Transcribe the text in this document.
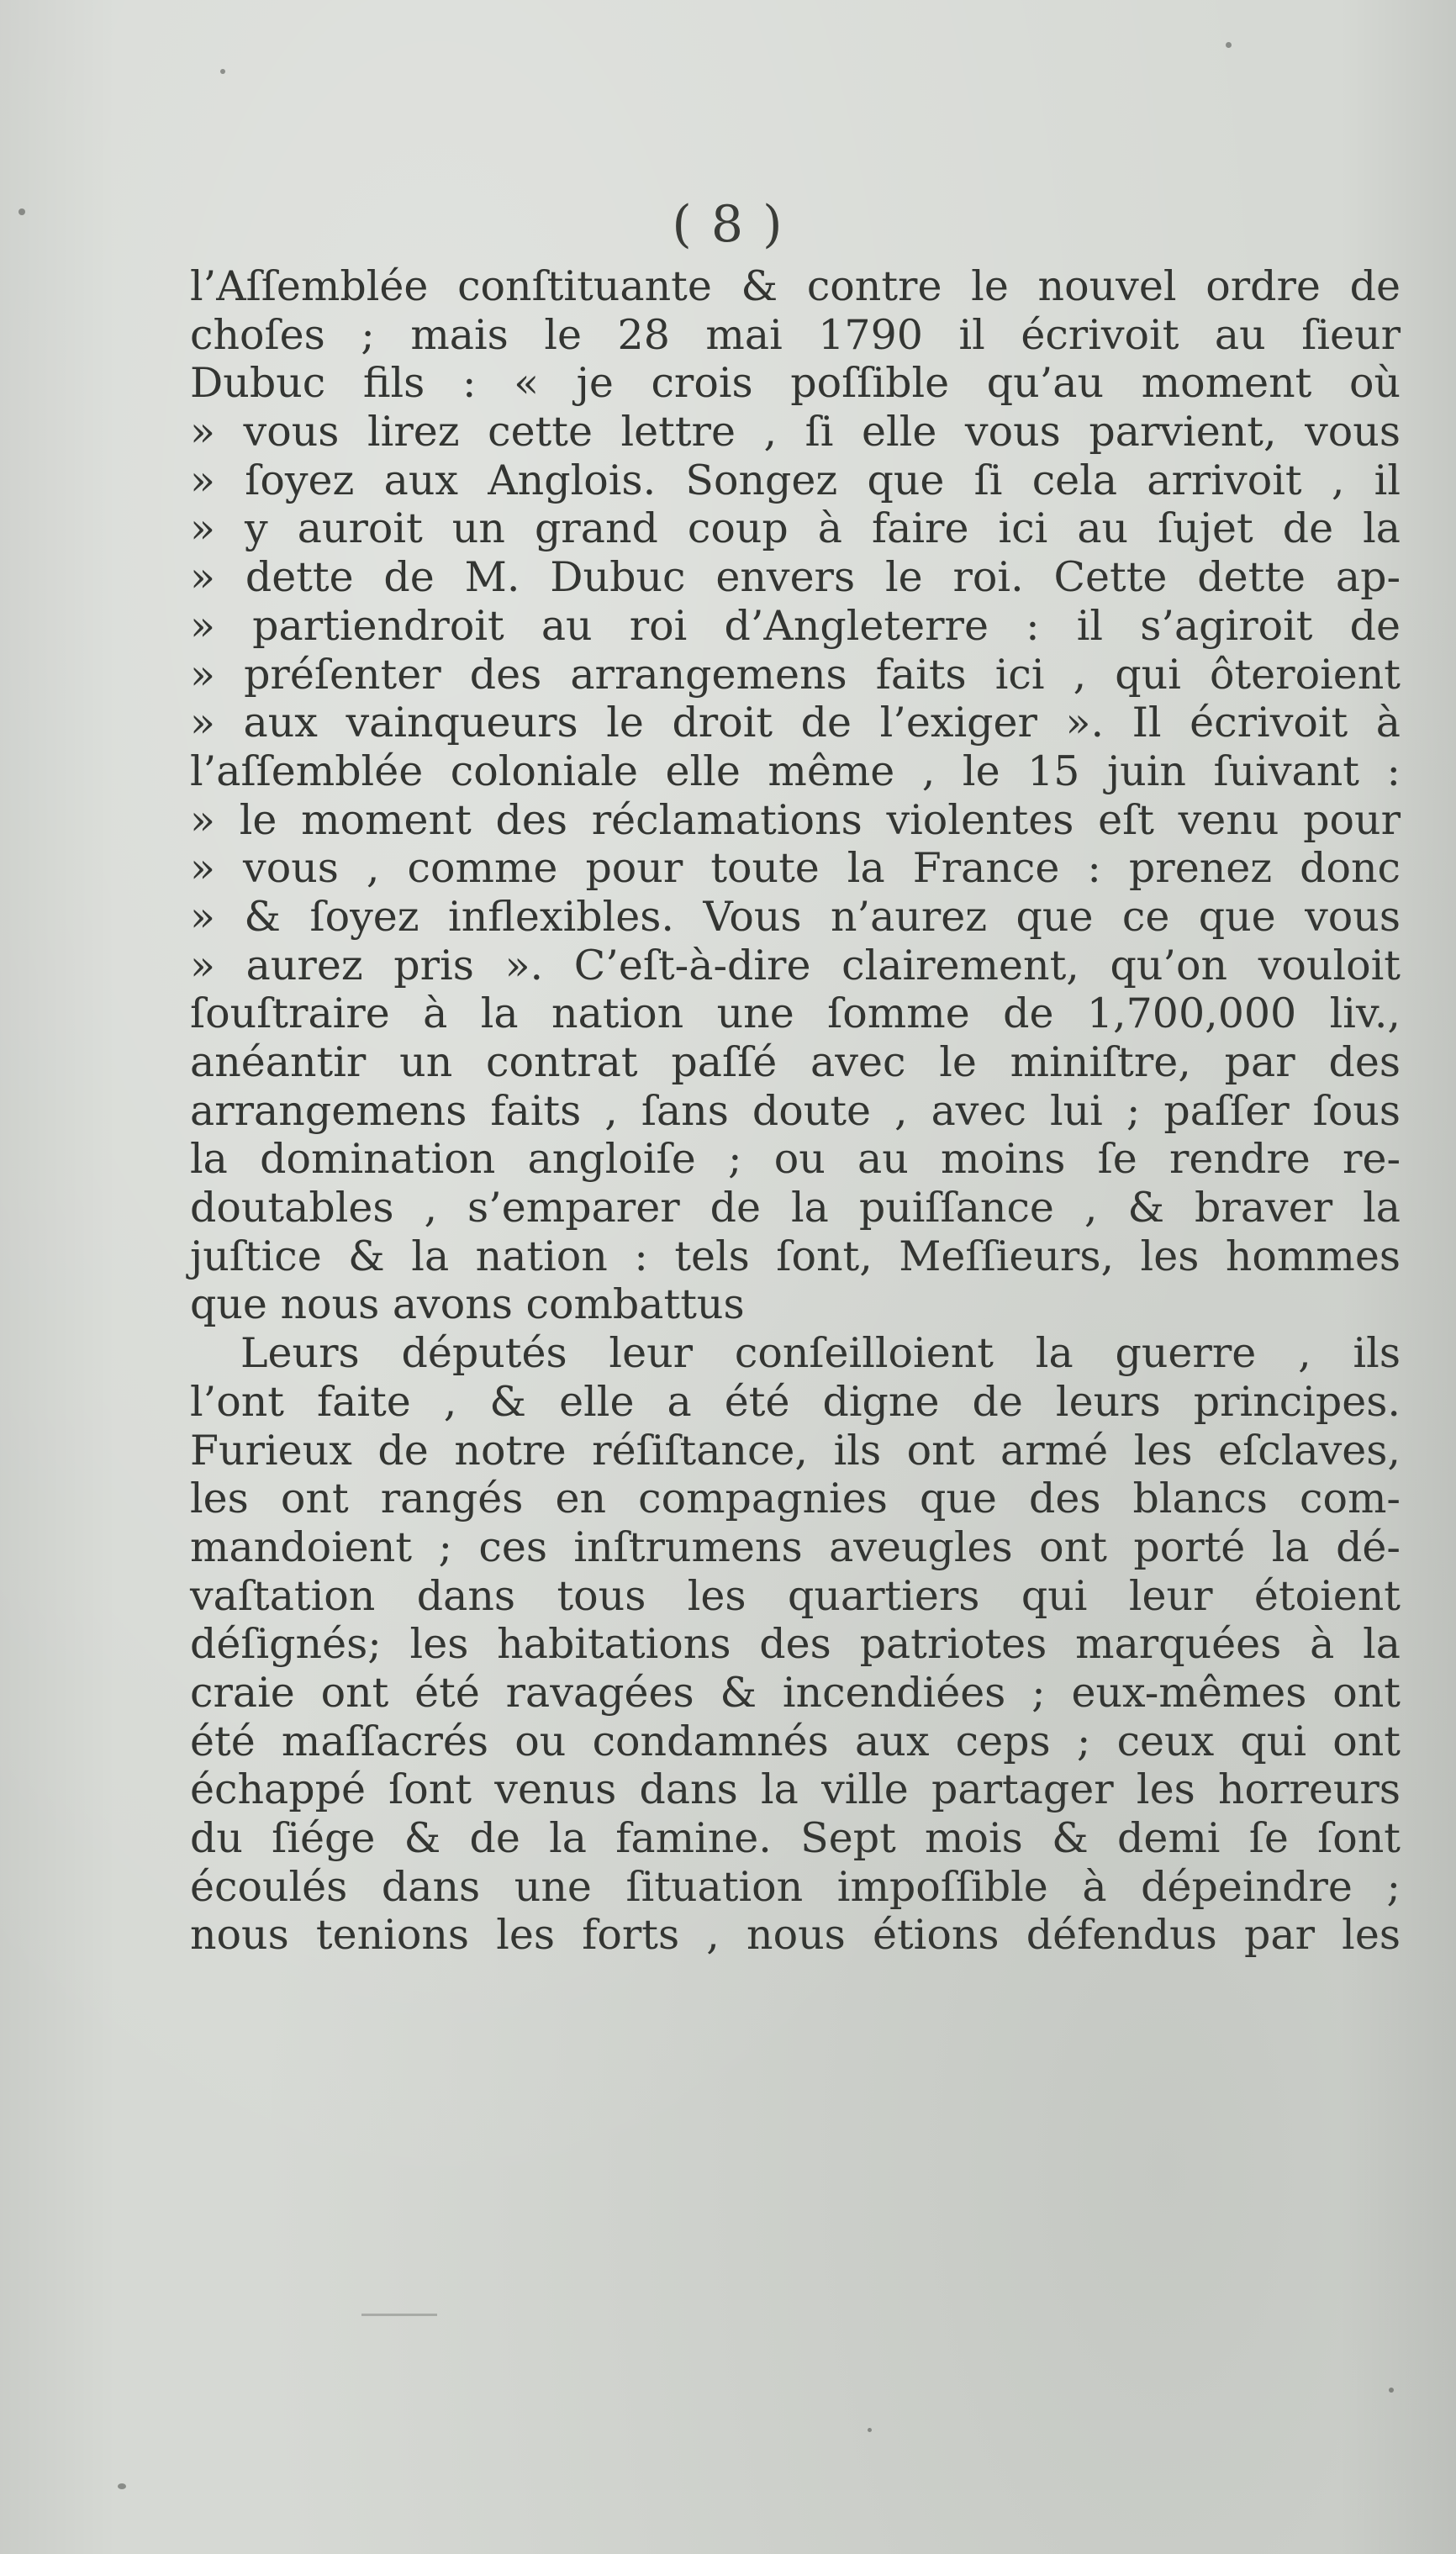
( 8 )
l’Aſſemblée conſtituante & contre le nouvel ordre de
choſes ; mais le 28 mai 1790 il écrivoit au ſieur
Dubuc fils : « je crois poſſible qu’au moment où
» vous lirez cette lettre , ſi elle vous parvient, vous
» ſoyez aux Anglois. Songez que ſi cela arrivoit , il
» y auroit un grand coup à faire ici au ſujet de la
» dette de M. Dubuc envers le roi. Cette dette ap-
» partiendroit au roi d’Angleterre : il s’agiroit de
» préſenter des arrangemens faits ici , qui ôteroient
» aux vainqueurs le droit de l’exiger ». Il écrivoit à
l’aſſemblée coloniale elle même , le 15 juin ſuivant :
» le moment des réclamations violentes eſt venu pour
» vous , comme pour toute la France : prenez donc
» & ſoyez inflexibles. Vous n’aurez que ce que vous
» aurez pris ». C’eſt-à-dire clairement, qu’on vouloit
ſouſtraire à la nation une ſomme de 1,700,000 liv.,
anéantir un contrat paſſé avec le miniſtre, par des
arrangemens faits , ſans doute , avec lui ; paſſer ſous
la domination angloiſe ; ou au moins ſe rendre re-
doutables , s’emparer de la puiſſance , & braver la
juſtice & la nation : tels ſont, Meſſieurs, les hommes
que nous avons combattus
Leurs députés leur conſeilloient la guerre , ils
l’ont faite , & elle a été digne de leurs principes.
Furieux de notre réſiſtance, ils ont armé les eſclaves,
les ont rangés en compagnies que des blancs com-
mandoient ; ces inſtrumens aveugles ont porté la dé-
vaſtation dans tous les quartiers qui leur étoient
déſignés; les habitations des patriotes marquées à la
craie ont été ravagées & incendiées ; eux-mêmes ont
été maſſacrés ou condamnés aux ceps ; ceux qui ont
échappé ſont venus dans la ville partager les horreurs
du ſiége & de la famine. Sept mois & demi ſe ſont
écoulés dans une ſituation impoſſible à dépeindre ;
nous tenions les forts , nous étions défendus par les
